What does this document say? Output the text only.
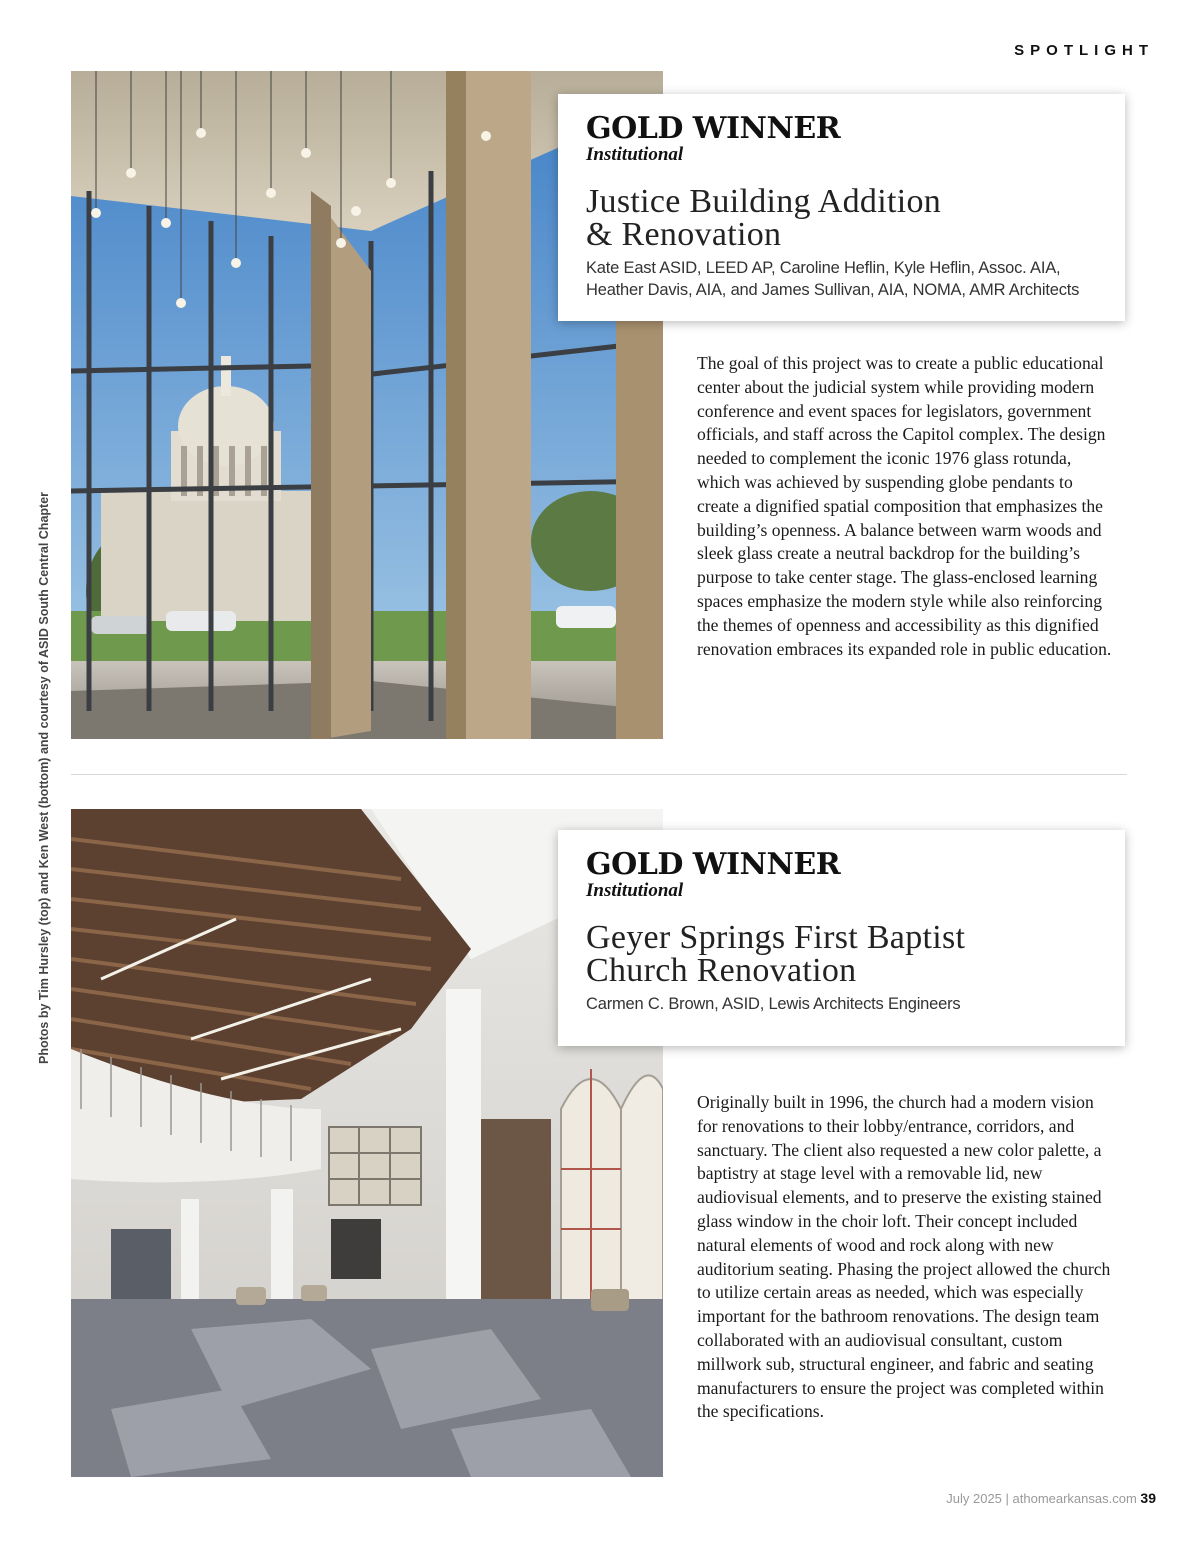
SPOTLIGHT
Photos by Tim Hursley (top) and Ken West (bottom) and courtesy of ASID South Central Chapter
GOLD WINNER
Institutional
Justice Building Addition
& Renovation
Kate East ASID, LEED AP, Caroline Heflin, Kyle Heflin, Assoc. AIA, Heather Davis, AIA, and James Sullivan, AIA, NOMA, AMR Architects

The goal of this project was to create a public educational center about the judicial system while providing modern conference and event spaces for legislators, government officials, and staff across the Capitol complex. The design needed to complement the iconic 1976 glass rotunda, which was achieved by suspending globe pendants to create a dignified spatial composition that emphasizes the building’s openness. A balance between warm woods and sleek glass create a neutral backdrop for the building’s purpose to take center stage. The glass-enclosed learning spaces emphasize the modern style while also reinforcing the themes of openness and accessibility as this dignified renovation embraces its expanded role in public education.

GOLD WINNER
Institutional
Geyer Springs First Baptist
Church Renovation
Carmen C. Brown, ASID, Lewis Architects Engineers

Originally built in 1996, the church had a modern vision for renovations to their lobby/entrance, corridors, and sanctuary. The client also requested a new color palette, a baptistry at stage level with a removable lid, new audiovisual elements, and to preserve the existing stained glass window in the choir loft. Their concept included natural elements of wood and rock along with new auditorium seating. Phasing the project allowed the church to utilize certain areas as needed, which was especially important for the bathroom renovations. The design team collaborated with an audiovisual consultant, custom millwork sub, structural engineer, and fabric and seating manufacturers to ensure the project was completed within the specifications.

July 2025 | athomearkansas.com 39
